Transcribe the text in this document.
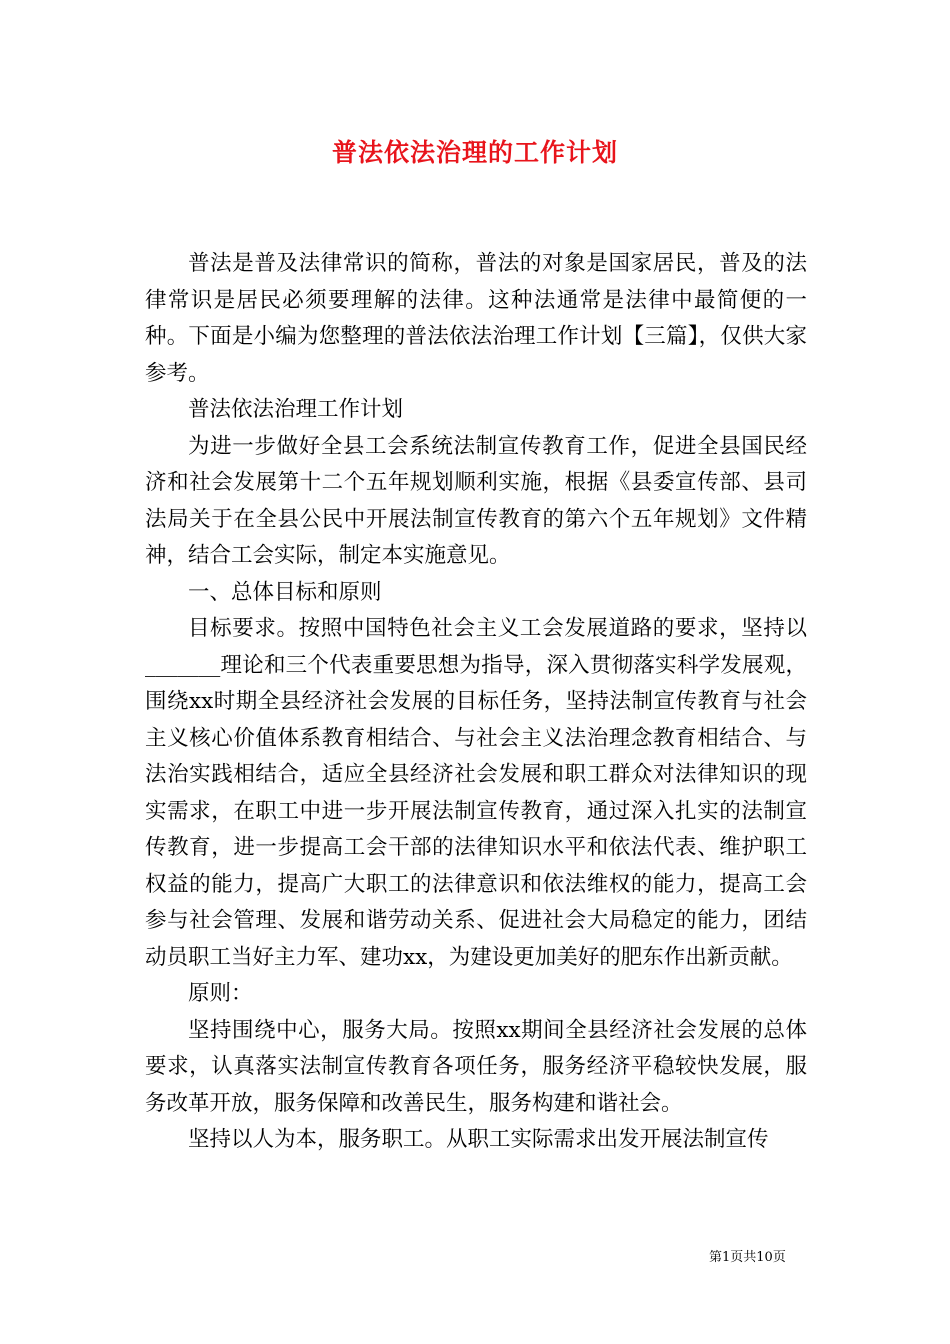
普法依法治理的工作计划

普法是普及法律常识的简称，普法的对象是国家居民，普及的法律常识是居民必须要理解的法律。这种法通常是法律中最简便的一种。下面是小编为您整理的普法依法治理工作计划【三篇】，仅供大家参考。

普法依法治理工作计划

为进一步做好全县工会系统法制宣传教育工作，促进全县国民经济和社会发展第十二个五年规划顺利实施，根据《县委宣传部、县司法局关于在全县公民中开展法制宣传教育的第六个五年规划》文件精神，结合工会实际，制定本实施意见。

一、总体目标和原则

目标要求。按照中国特色社会主义工会发展道路的要求，坚持以_______理论和三个代表重要思想为指导，深入贯彻落实科学发展观，围绕xx时期全县经济社会发展的目标任务，坚持法制宣传教育与社会主义核心价值体系教育相结合、与社会主义法治理念教育相结合、与法治实践相结合，适应全县经济社会发展和职工群众对法律知识的现实需求，在职工中进一步开展法制宣传教育，通过深入扎实的法制宣传教育，进一步提高工会干部的法律知识水平和依法代表、维护职工权益的能力，提高广大职工的法律意识和依法维权的能力，提高工会参与社会管理、发展和谐劳动关系、促进社会大局稳定的能力，团结动员职工当好主力军、建功xx，为建设更加美好的肥东作出新贡献。

原则：

坚持围绕中心，服务大局。按照xx期间全县经济社会发展的总体要求，认真落实法制宣传教育各项任务，服务经济平稳较快发展，服务改革开放，服务保障和改善民生，服务构建和谐社会。

坚持以人为本，服务职工。从职工实际需求出发开展法制宣传

第1页共10页
